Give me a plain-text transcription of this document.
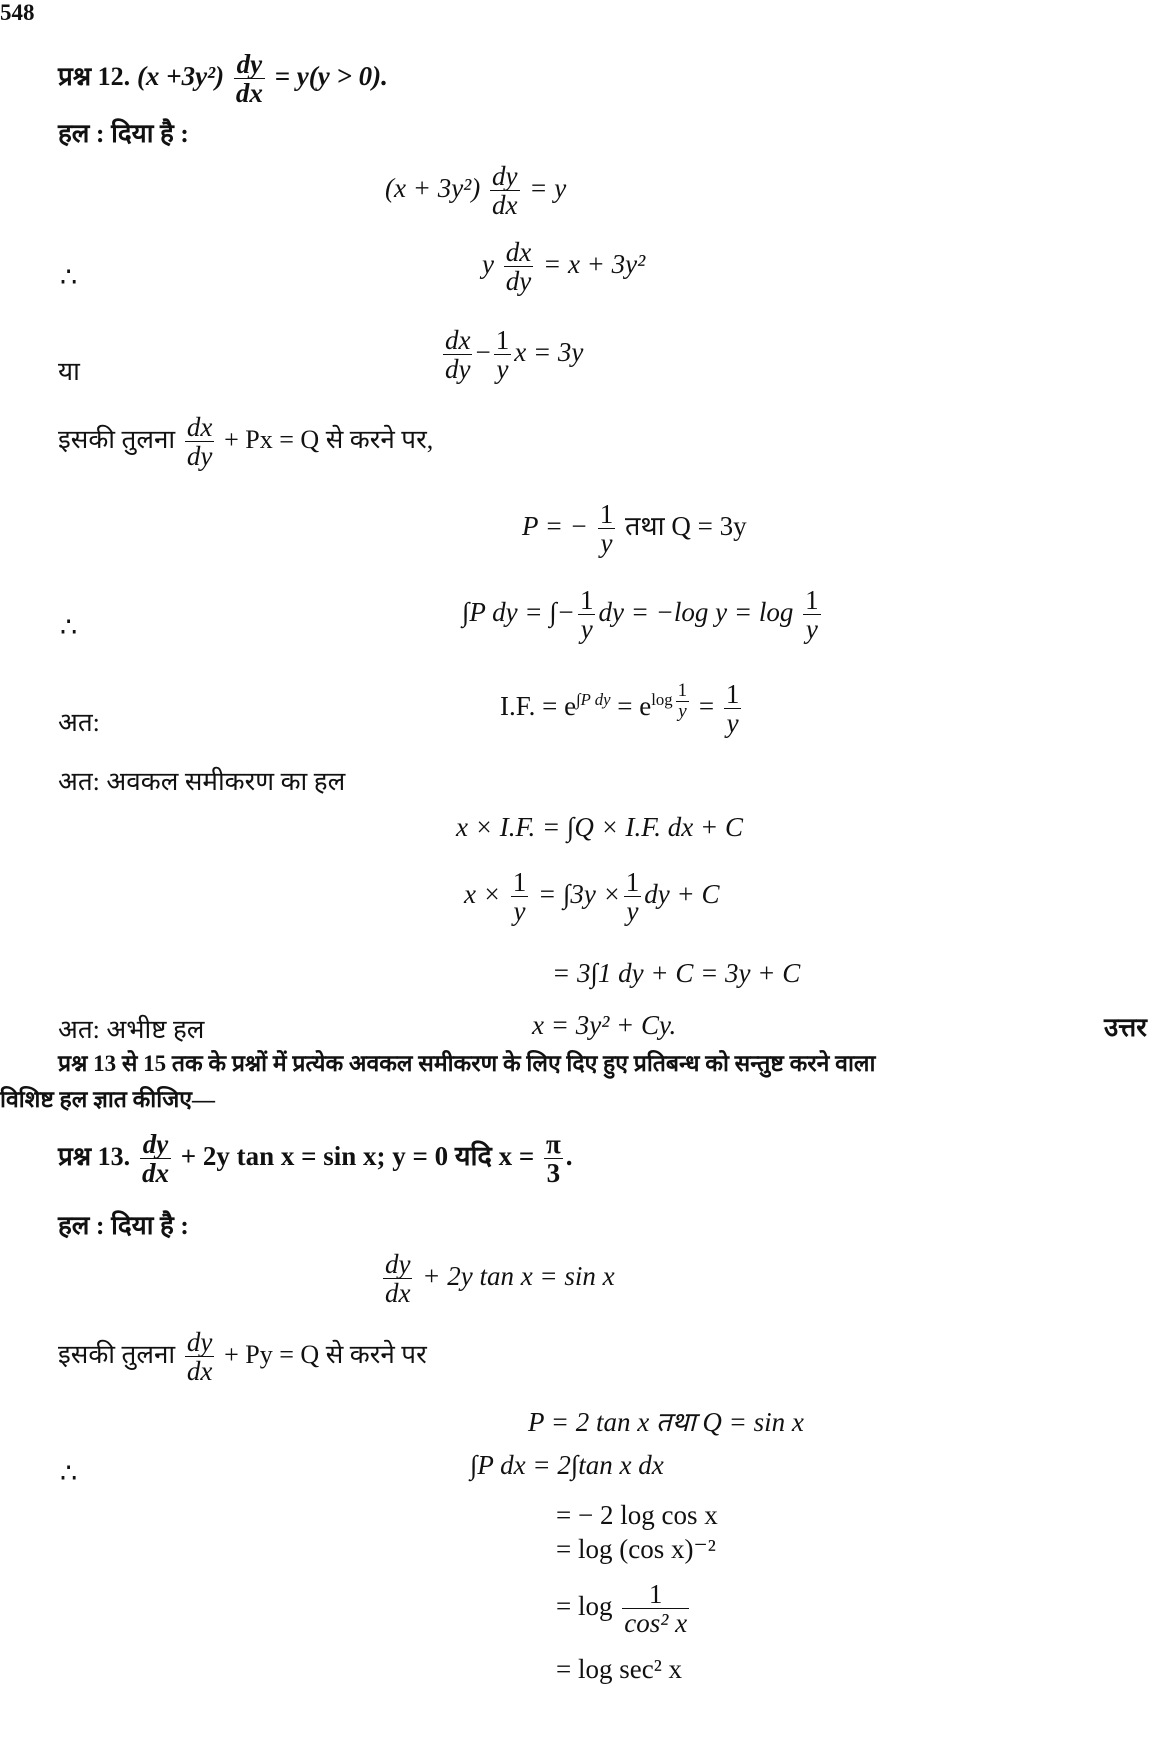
548
प्रश्न 12. $(x +3y^2) \frac{dy}{dx} = y(y > 0)$.
हल : दिया है :
$(x + 3y^2) \frac{dy}{dx} = y$
∴	y $\frac{dx}{dy} = x + 3y^2$
या	$\frac{dx}{dy} - \frac{1}{y}$ x = 3y
इसकी तुलना $\frac{dx}{dy} + Px = Q$ से करने पर,
P = − $\frac{1}{y}$ तथा Q = 3y
∴	∫P dy = ∫− $\frac{1}{y}$ dy = −log $y = \log \frac{1}{y}$
अत:
I.F. = $e^{\int P dy} = e^{log \frac{1}{y}} = \frac{1}{y}$
अत: अवकल समीकरण का हल
x × I.F. = ∫Q × I.F. dx + C
$x \times \frac{1}{y} = \int 3y \times \frac{1}{y}$ dy + C
= 3∫1 dy + C = 3y + C
अत: अभीष्ट हल	x = 3y² + Cy.	उत्तर
प्रश्न 13 से 15 तक के प्रश्नों में प्रत्येक अवकल समीकरण के लिए दिए हुए प्रतिबन्ध को सन्तुष्ट करने वाला
विशिष्ट हल ज्ञात कीजिए—
प्रश्न 13. $\frac{dy}{dx} + 2y$ tan x = sin x; y = 0 यदि $x = \frac{\pi}{3}$ .
हल : दिया है :
$\frac{dy}{dx} + 2y$ tan x = sin x
इसकी तुलना $\frac{dy}{dx} + Py = Q$ से करने पर
P = 2 tan x तथा Q = sin x
∴	∫P dx = 2∫tan x dx
= − 2 log cos x
= log (cos x)⁻²
= $\log \frac{1}{\text{cos² x}}$
= log sec² x
